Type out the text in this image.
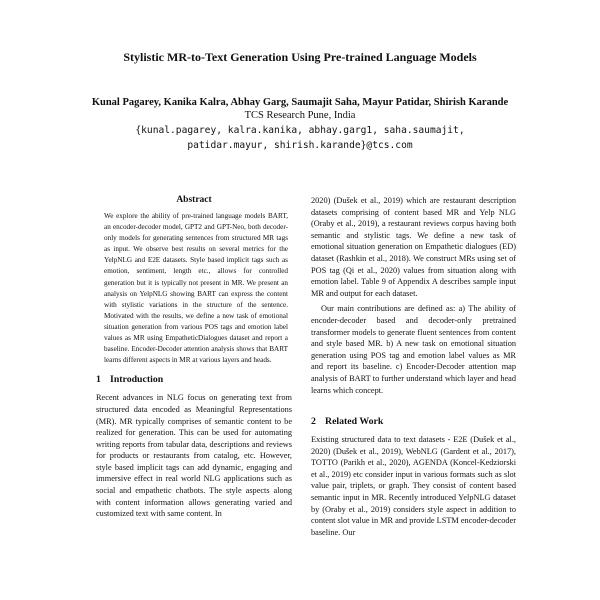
Stylistic MR-to-Text Generation Using Pre-trained Language Models
Kunal Pagarey, Kanika Kalra, Abhay Garg, Saumajit Saha, Mayur Patidar, Shirish Karande
TCS Research Pune, India
{kunal.pagarey, kalra.kanika, abhay.garg1, saha.saumajit,
patidar.mayur, shirish.karande}@tcs.com
Abstract

We explore the ability of pre-trained language models BART, an encoder-decoder model, GPT2 and GPT-Neo, both decoder-only models for generating sentences from structured MR tags as input. We observe best results on several metrics for the YelpNLG and E2E datasets. Style based implicit tags such as emotion, sentiment, length etc., allows for controlled generation but it is typically not present in MR. We present an analysis on YelpNLG showing BART can express the content with stylistic variations in the structure of the sentence. Motivated with the results, we define a new task of emotional situation generation from various POS tags and emotion label values as MR using EmpatheticDialogues dataset and report a baseline. Encoder-Decoder attention analysis shows that BART learns different aspects in MR at various layers and heads.

1 Introduction

Recent advances in NLG focus on generating text from structured data encoded as Meaningful Representations (MR). MR typically comprises of semantic content to be realized for generation. This can be used for automating writing reports from tabular data, descriptions and reviews for products or restaurants from catalog, etc. However, style based implicit tags can add dynamic, engaging and immersive effect in real world NLG applications such as social and empathetic chatbots. The style aspects along with content information allows generating varied and customized text with same content. In

2020) (Dušek et al., 2019) which are restaurant description datasets comprising of content based MR and Yelp NLG (Oraby et al., 2019), a restaurant reviews corpus having both semantic and stylistic tags. We define a new task of emotional situation generation on Empathetic dialogues (ED) dataset (Rashkin et al., 2018). We construct MRs using set of POS tag (Qi et al., 2020) values from situation along with emotion label. Table 9 of Appendix A describes sample input MR and output for each dataset.

Our main contributions are defined as: a) The ability of encoder-decoder based and decoder-only pretrained transformer models to generate fluent sentences from content and style based MR. b) A new task on emotional situation generation using POS tag and emotion label values as MR and report its baseline. c) Encoder-Decoder attention map analysis of BART to further understand which layer and head learns which concept.

2 Related Work

Existing structured data to text datasets - E2E (Dušek et al., 2020) (Dušek et al., 2019), WebNLG (Gardent et al., 2017), TOTTO (Parikh et al., 2020), AGENDA (Koncel-Kedziorski et al., 2019) etc consider input in various formats such as slot value pair, triplets, or graph. They consist of content based semantic input in MR. Recently introduced YelpNLG dataset by (Oraby et al., 2019) considers style aspect in addition to content slot value in MR and provide LSTM encoder-decoder baseline. Our
